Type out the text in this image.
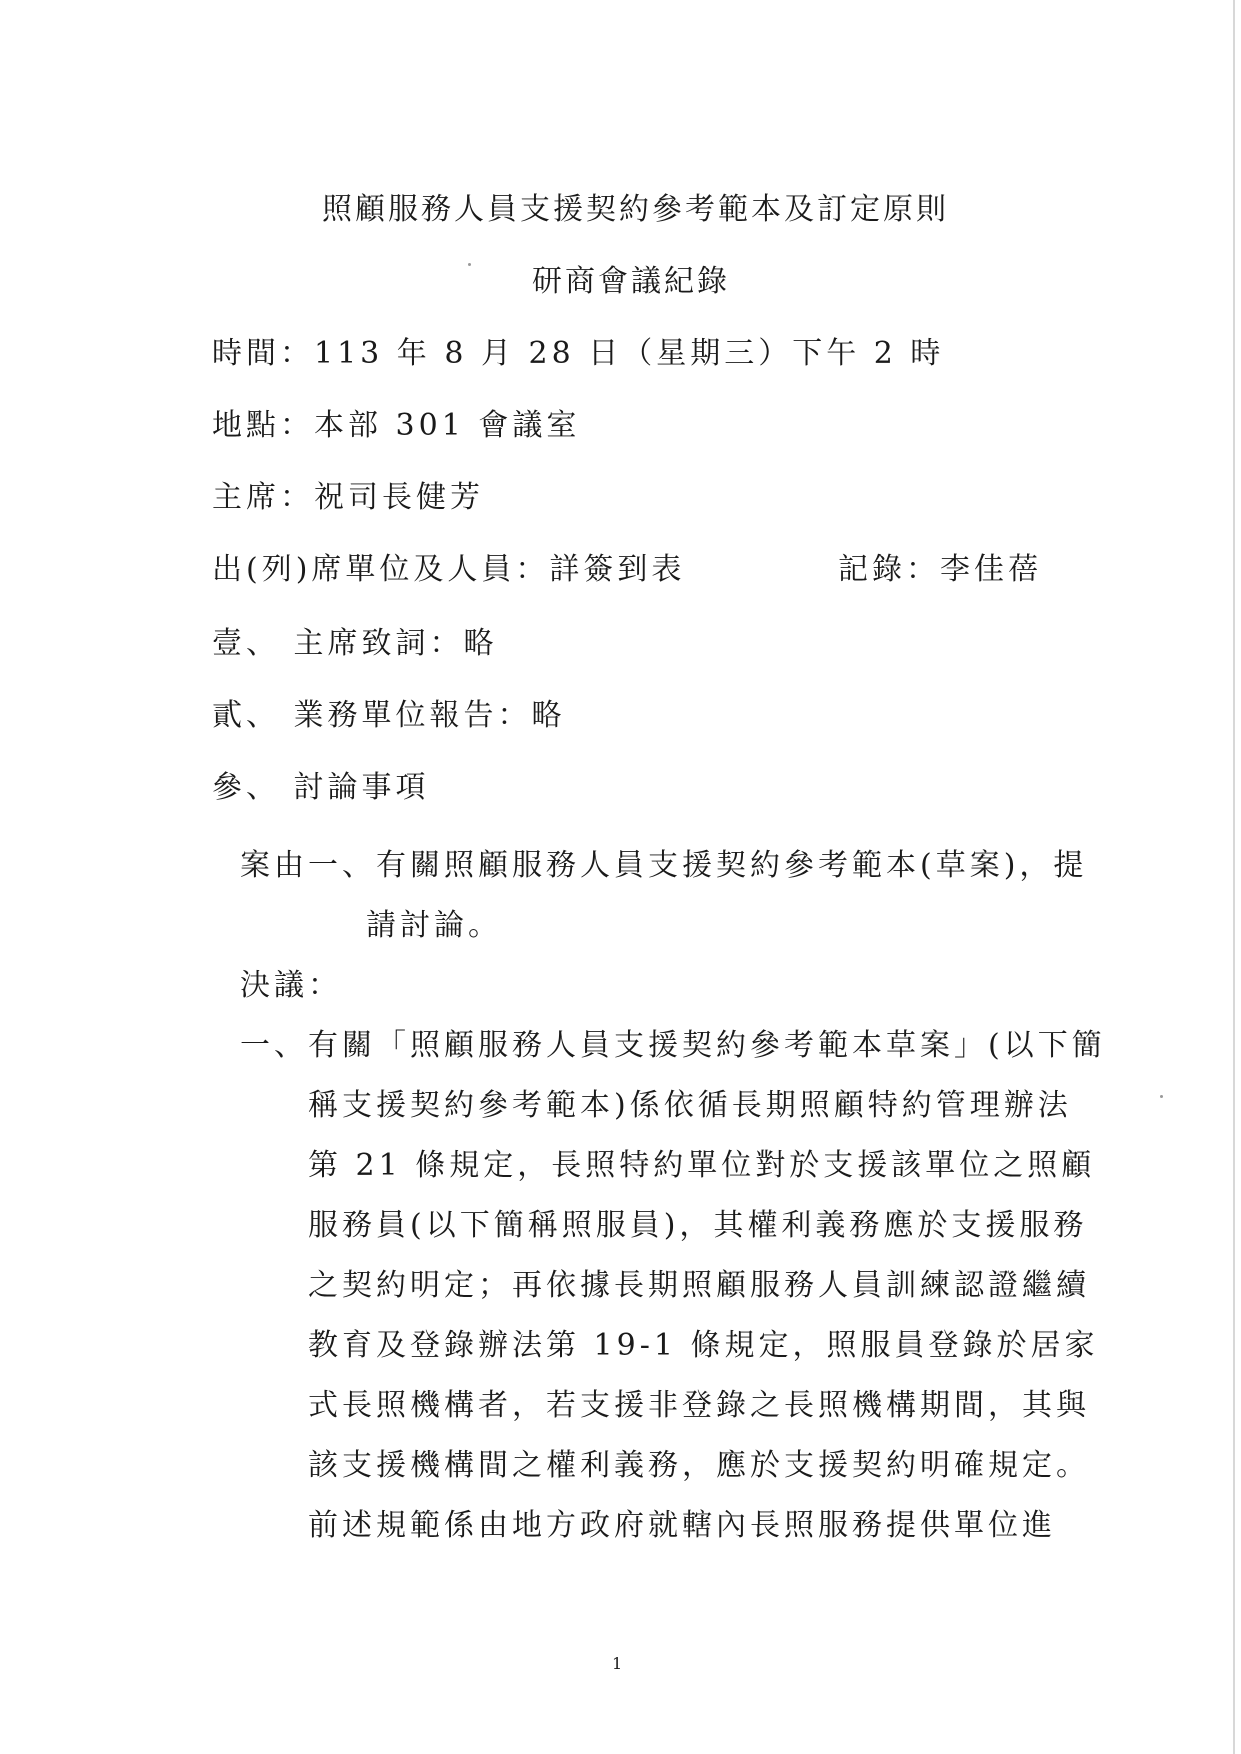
照顧服務人員支援契約參考範本及訂定原則
研商會議紀錄
時間：113 年 8 月 28 日（星期三）下午 2 時
地點：本部 301 會議室
主席：祝司長健芳
出(列)席單位及人員：詳簽到表	記錄：李佳蓓
壹、 主席致詞：略
貳、 業務單位報告：略
參、 討論事項
案由一、有關照顧服務人員支援契約參考範本(草案)，提
請討論。
決議：
一、 有關「照顧服務人員支援契約參考範本草案」(以下簡
稱支援契約參考範本)係依循長期照顧特約管理辦法
第 21 條規定，長照特約單位對於支援該單位之照顧
服務員(以下簡稱照服員)，其權利義務應於支援服務
之契約明定；再依據長期照顧服務人員訓練認證繼續
教育及登錄辦法第 19-1 條規定，照服員登錄於居家
式長照機構者，若支援非登錄之長照機構期間，其與
該支援機構間之權利義務，應於支援契約明確規定。
前述規範係由地方政府就轄內長照服務提供單位進
1
